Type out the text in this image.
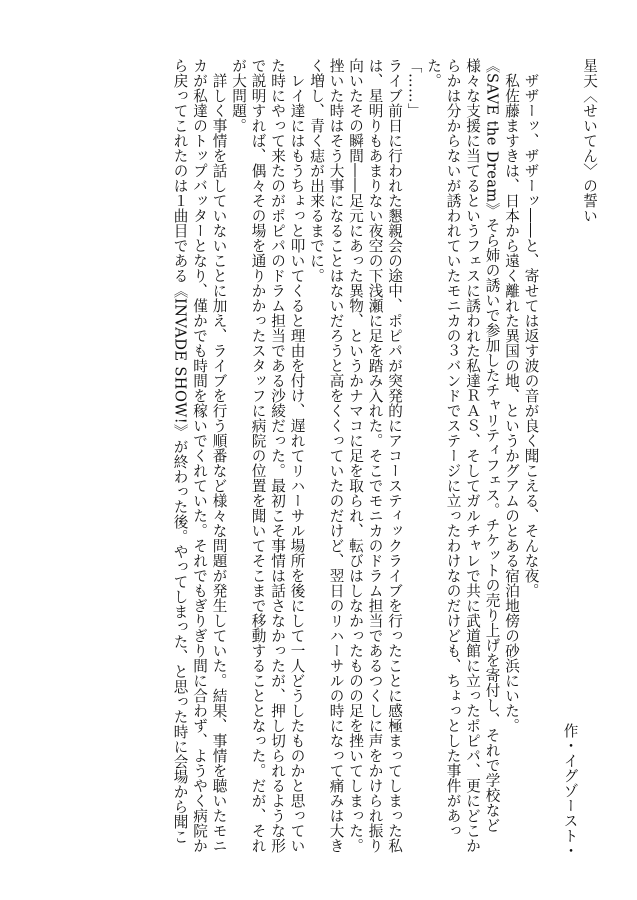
星天〈せいてん〉の誓い

作・イグゾースト・

ザザーッ、ザザーッ――と、寄せては返す波の音が良く聞こえる、そんな夜。

私佐藤ますきは、日本から遠く離れた異国の地、というかグアムのとある宿泊地傍の砂浜にいた。

《SAVE the Dream》そら姉の誘いで参加したチャリティフェス。チケットの売り上げを寄付し、それで学校など様々な支援に当てるというフェスに誘われた私達ＲＡＳ、そしてガルチャレで共に武道館に立ったポピパ、更にどこからかは分からないが誘われていたモニカの３バンドでステージに立ったわけなのだけども、ちょっとした事件があった。

「……」

ライブ前日に行われた懇親会の途中、ポピパが突発的にアコースティックライブを行ったことに感極まってしまった私は、星明りもあまりない夜空の下浅瀬に足を踏み入れた。そこでモニカのドラム担当であるつくしに声をかけられ振り向いたその瞬間――足元にあった異物、というかナマコに足を取られ、転びはしなかったものの足を挫いてしまった。挫いた時はそう大事になることはないだろうと高をくくっていたのだけど、翌日のリハーサルの時になって痛みは大きく増し、青く痣が出来るまでに。

レイ達にはもうちょっと叩いてくると理由を付け、遅れてリハーサル場所を後にして一人どうしたものかと思っていた時にやって来たのがポピパのドラム担当である沙綾だった。最初こそ事情は話さなかったが、押し切られるような形で説明すれば、偶々その場を通りかかったスタッフに病院の位置を聞いてそこまで移動することとなった。だが、それが大問題。

詳しく事情を話していないことに加え、ライブを行う順番など様々な問題が発生していた。結果、事情を聴いたモニカが私達のトップバッターとなり、僅かでも時間を稼いでくれていた。それでもぎりぎり間に合わず、ようやく病院から戻ってこれたのは１曲目である《INVADE SHOW!》が終わった後。やってしまった、と思った時に会場から聞こ
